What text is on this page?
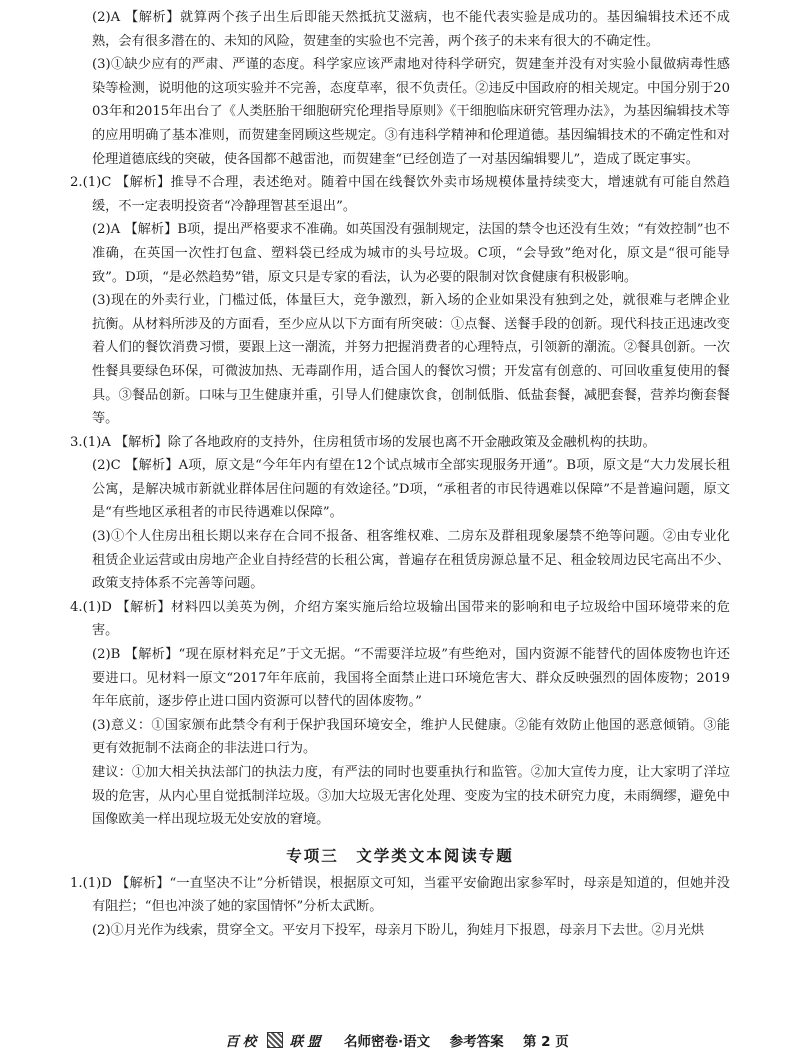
(2)A 【解析】就算两个孩子出生后即能天然抵抗艾滋病，也不能代表实验是成功的。基因编辑技术还不成熟，会有很多潜在的、未知的风险，贺建奎的实验也不完善，两个孩子的未来有很大的不确定性。

(3)①缺少应有的严肃、严谨的态度。科学家应该严肃地对待科学研究，贺建奎并没有对实验小鼠做病毒性感染等检测，说明他的这项实验并不完善，态度草率，很不负责任。②违反中国政府的相关规定。中国分别于2003年和2015年出台了《人类胚胎干细胞研究伦理指导原则》《干细胞临床研究管理办法》，为基因编辑技术等的应用明确了基本准则，而贺建奎罔顾这些规定。③有违科学精神和伦理道德。基因编辑技术的不确定性和对伦理道德底线的突破，使各国都不越雷池，而贺建奎“已经创造了一对基因编辑婴儿”，造成了既定事实。

2.(1)C 【解析】推导不合理，表述绝对。随着中国在线餐饮外卖市场规模体量持续变大，增速就有可能自然趋缓，不一定表明投资者“冷静理智甚至退出”。

(2)A 【解析】B项，提出严格要求不准确。如英国没有强制规定，法国的禁令也还没有生效；“有效控制”也不准确，在英国一次性打包盒、塑料袋已经成为城市的头号垃圾。C项，“会导致”绝对化，原文是“很可能导致”。D项，“是必然趋势”错，原文只是专家的看法，认为必要的限制对饮食健康有积极影响。

(3)现在的外卖行业，门槛过低，体量巨大，竞争激烈，新入场的企业如果没有独到之处，就很难与老牌企业抗衡。从材料所涉及的方面看，至少应从以下方面有所突破：①点餐、送餐手段的创新。现代科技正迅速改变着人们的餐饮消费习惯，要跟上这一潮流，并努力把握消费者的心理特点，引领新的潮流。②餐具创新。一次性餐具要绿色环保，可微波加热、无毒副作用，适合国人的餐饮习惯；开发富有创意的、可回收重复使用的餐具。③餐品创新。口味与卫生健康并重，引导人们健康饮食，创制低脂、低盐套餐，减肥套餐，营养均衡套餐等。

3.(1)A 【解析】除了各地政府的支持外，住房租赁市场的发展也离不开金融政策及金融机构的扶助。

(2)C 【解析】A项，原文是“今年年内有望在12个试点城市全部实现服务开通”。B项，原文是“大力发展长租公寓，是解决城市新就业群体居住问题的有效途径。”D项，“承租者的市民待遇难以保障”不是普遍问题，原文是“有些地区承租者的市民待遇难以保障”。

(3)①个人住房出租长期以来存在合同不报备、租客维权难、二房东及群租现象屡禁不绝等问题。②由专业化租赁企业运营或由房地产企业自持经营的长租公寓，普遍存在租赁房源总量不足、租金较周边民宅高出不少、政策支持体系不完善等问题。

4.(1)D 【解析】材料四以美英为例，介绍方案实施后给垃圾输出国带来的影响和电子垃圾给中国环境带来的危害。

(2)B 【解析】“现在原材料充足”于文无据。“不需要洋垃圾”有些绝对，国内资源不能替代的固体废物也许还要进口。见材料一原文“2017年年底前，我国将全面禁止进口环境危害大、群众反映强烈的固体废物；2019年年底前，逐步停止进口国内资源可以替代的固体废物。”

(3)意义：①国家颁布此禁令有利于保护我国环境安全，维护人民健康。②能有效防止他国的恶意倾销。③能更有效扼制不法商企的非法进口行为。

建议：①加大相关执法部门的执法力度，有严法的同时也要重执行和监管。②加大宣传力度，让大家明了洋垃圾的危害，从内心里自觉抵制洋垃圾。③加大垃圾无害化处理、变废为宝的技术研究力度，未雨绸缪，避免中国像欧美一样出现垃圾无处安放的窘境。

专项三　文学类文本阅读专题

1.(1)D 【解析】“一直坚决不让”分析错误，根据原文可知，当霍平安偷跑出家参军时，母亲是知道的，但她并没有阻拦；“但也冲淡了她的家国情怀”分析太武断。

(2)①月光作为线索，贯穿全文。平安月下投军，母亲月下盼儿，狗娃月下报恩，母亲月下去世。②月光烘

百校 联盟 名师密卷·语文 参考答案 第 2 页
